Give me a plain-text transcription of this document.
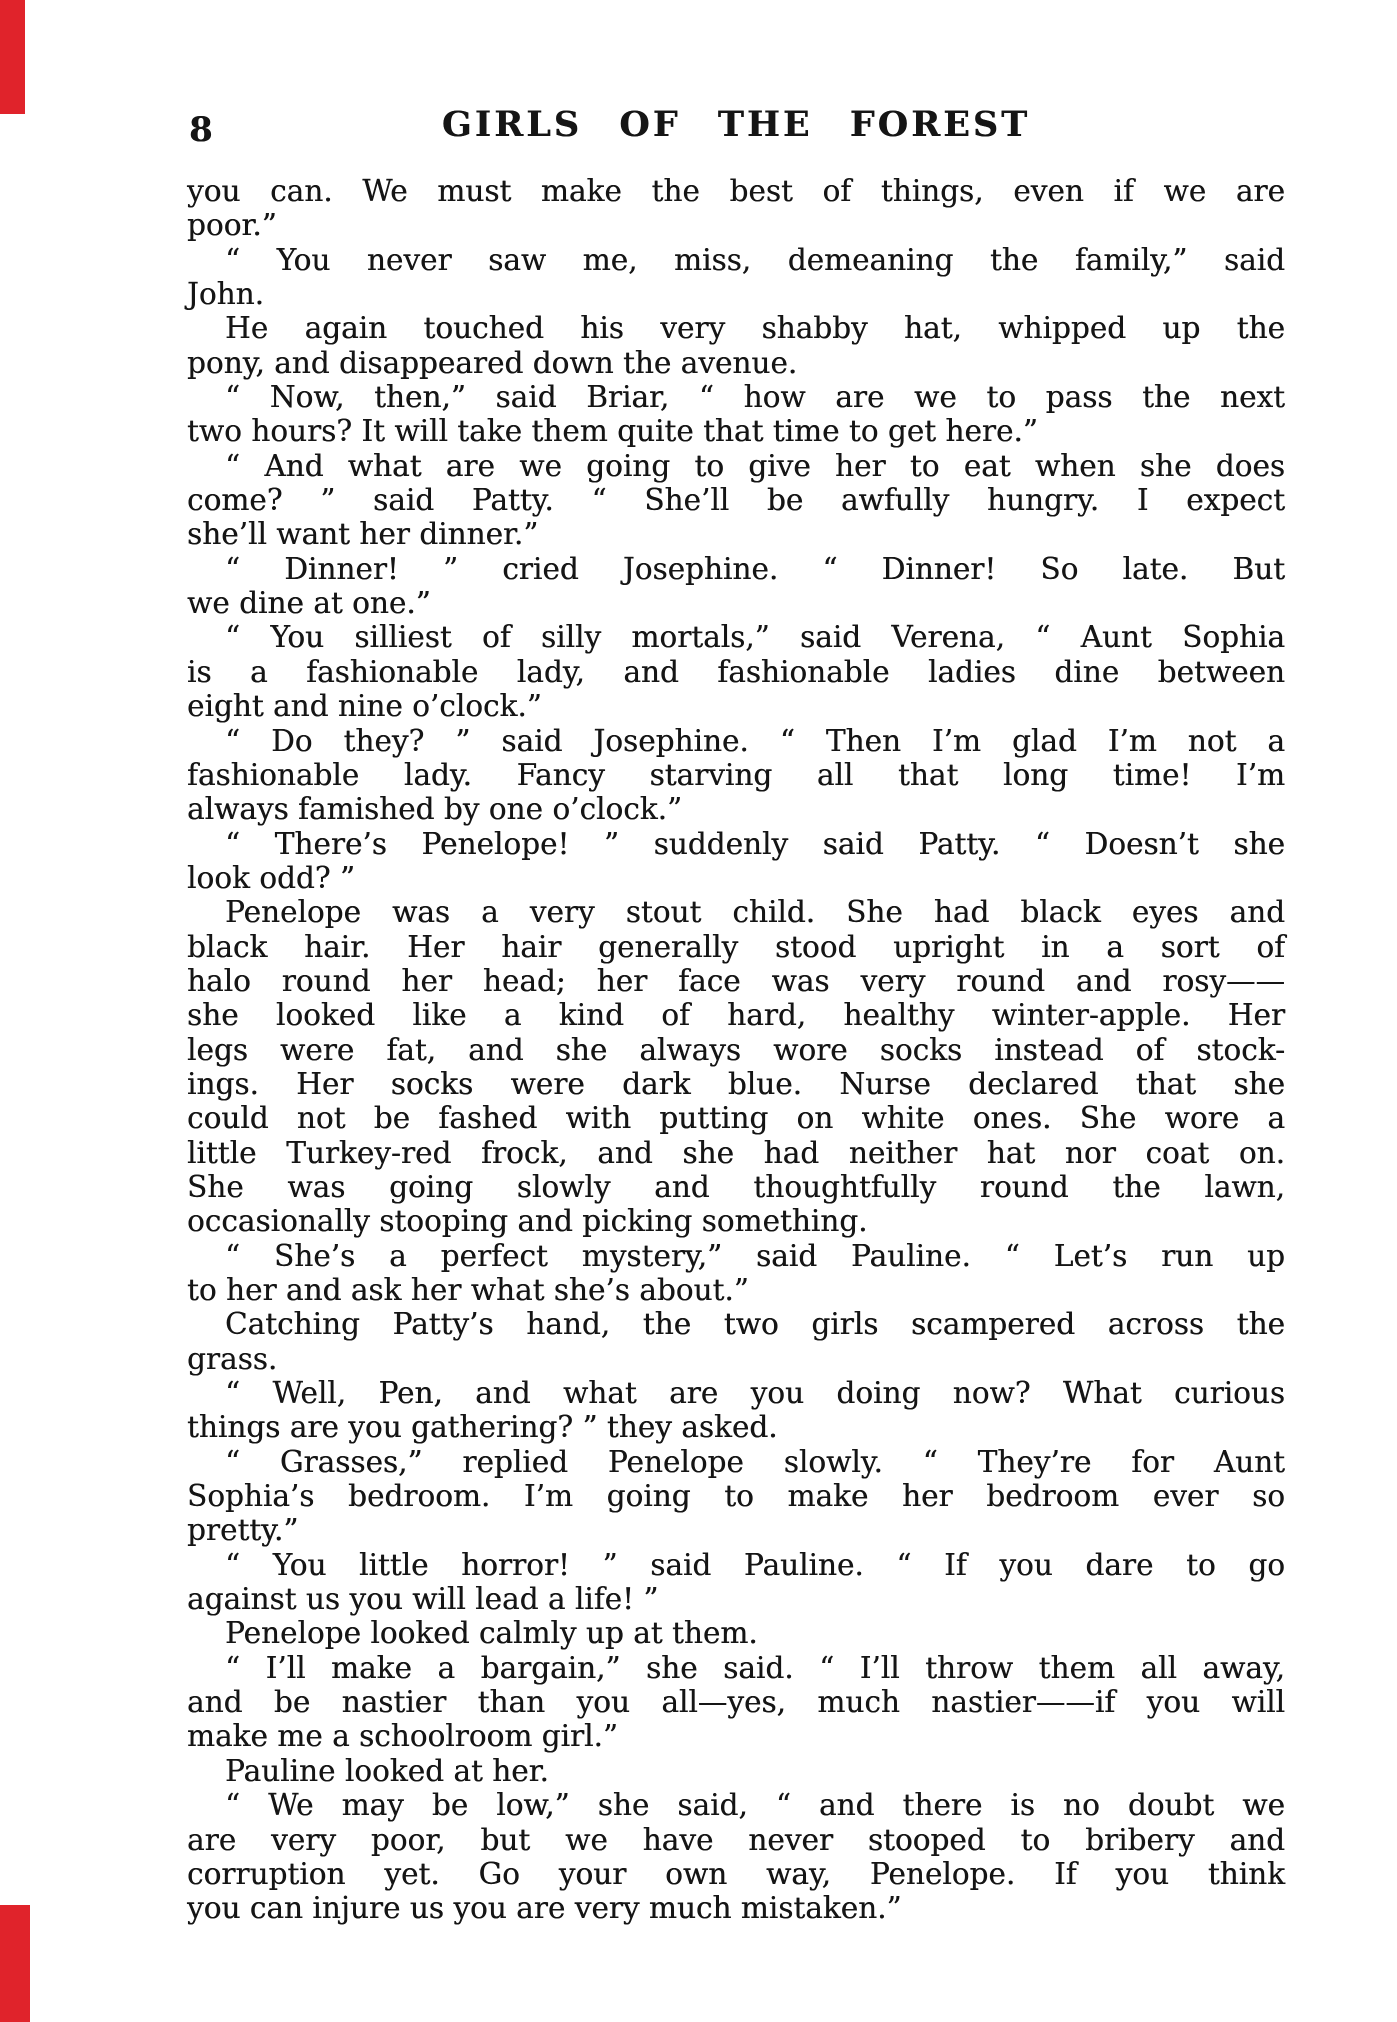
8	GIRLS OF THE FOREST
you can. We must make the best of things, even if we are
poor.”
“ You never saw me, miss, demeaning the family,” said
John.
He again touched his very shabby hat, whipped up the
pony, and disappeared down the avenue.
“ Now, then,” said Briar, “ how are we to pass the next
two hours? It will take them quite that time to get here.”
“ And what are we going to give her to eat when she does
come? ” said Patty. “ She’ll be awfully hungry. I expect
she’ll want her dinner.”
“ Dinner! ” cried Josephine. “ Dinner! So late. But
we dine at one.”
“ You silliest of silly mortals,” said Verena, “ Aunt Sophia
is a fashionable lady, and fashionable ladies dine between
eight and nine o’clock.”
“ Do they? ” said Josephine. “ Then I’m glad I’m not a
fashionable lady. Fancy starving all that long time! I’m
always famished by one o’clock.”
“ There’s Penelope! ” suddenly said Patty. “ Doesn’t she
look odd? ”
Penelope was a very stout child. She had black eyes and
black hair. Her hair generally stood upright in a sort of
halo round her head; her face was very round and rosy——
she looked like a kind of hard, healthy winter-apple. Her
legs were fat, and she always wore socks instead of stock-
ings. Her socks were dark blue. Nurse declared that she
could not be fashed with putting on white ones. She wore a
little Turkey-red frock, and she had neither hat nor coat on.
She was going slowly and thoughtfully round the lawn,
occasionally stooping and picking something.
“ She’s a perfect mystery,” said Pauline. “ Let’s run up
to her and ask her what she’s about.”
Catching Patty’s hand, the two girls scampered across the
grass.
“ Well, Pen, and what are you doing now? What curious
things are you gathering? ” they asked.
“ Grasses,” replied Penelope slowly. “ They’re for Aunt
Sophia’s bedroom. I’m going to make her bedroom ever so
pretty.”
“ You little horror! ” said Pauline. “ If you dare to go
against us you will lead a life! ”
Penelope looked calmly up at them.
“ I’ll make a bargain,” she said. “ I’ll throw them all away,
and be nastier than you all—yes, much nastier——if you will
make me a schoolroom girl.”
Pauline looked at her.
“ We may be low,” she said, “ and there is no doubt we
are very poor, but we have never stooped to bribery and
corruption yet. Go your own way, Penelope. If you think
you can injure us you are very much mistaken.”
